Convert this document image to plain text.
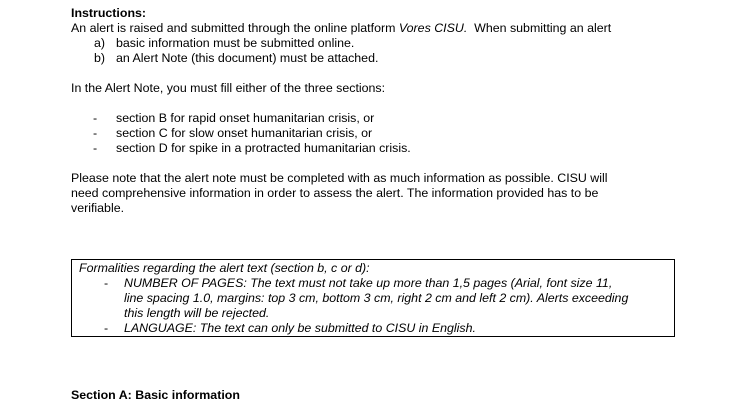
Instructions:
An alert is raised and submitted through the online platform Vores CISU.  When submitting an alert
a) basic information must be submitted online.
b) an Alert Note (this document) must be attached.
In the Alert Note, you must fill either of the three sections:
- section B for rapid onset humanitarian crisis, or
- section C for slow onset humanitarian crisis, or
- section D for spike in a protracted humanitarian crisis.
Please note that the alert note must be completed with as much information as possible. CISU will
need comprehensive information in order to assess the alert. The information provided has to be
verifiable.
Formalities regarding the alert text (section b, c or d):
- NUMBER OF PAGES: The text must not take up more than 1,5 pages (Arial, font size 11,
line spacing 1.0, margins: top 3 cm, bottom 3 cm, right 2 cm and left 2 cm). Alerts exceeding
this length will be rejected.
- LANGUAGE: The text can only be submitted to CISU in English.
Section A: Basic information
